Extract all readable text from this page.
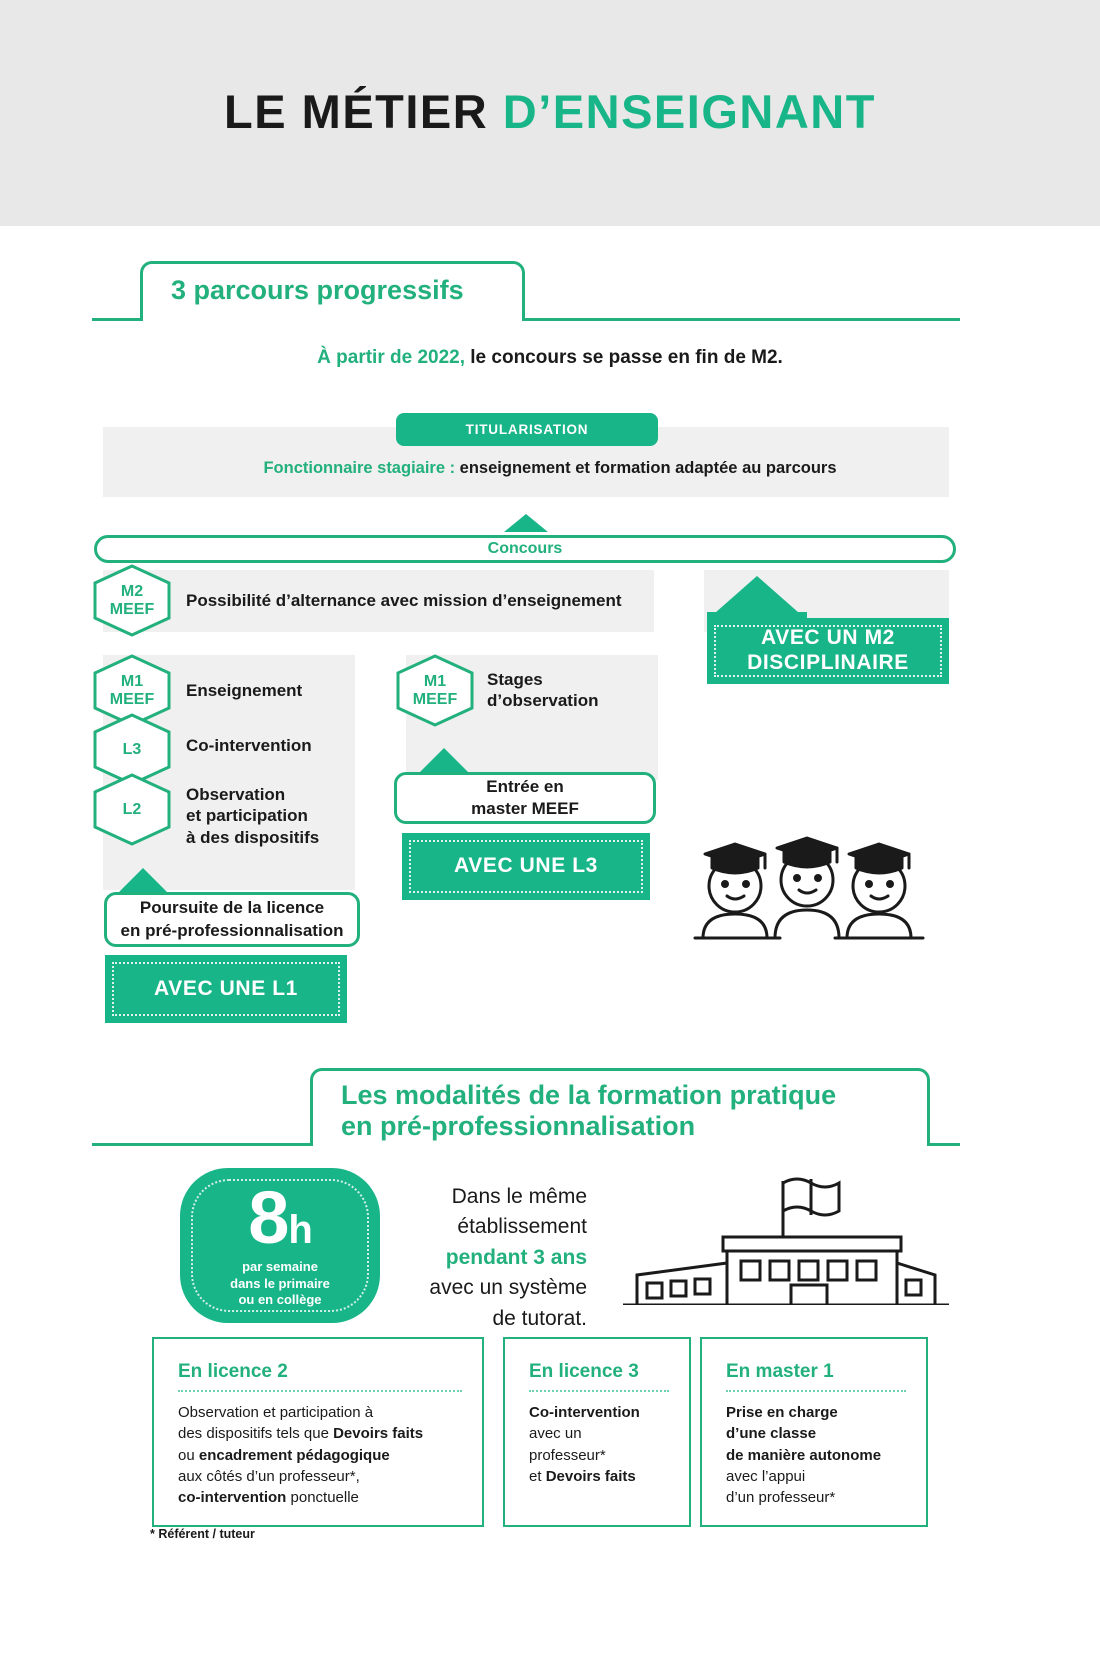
LE MÉTIER D’ENSEIGNANT
3 parcours progressifs
À partir de 2022, le concours se passe en fin de M2.
TITULARISATION
Fonctionnaire stagiaire : enseignement et formation adaptée au parcours
Concours
M2
MEEF Possibilité d’alternance avec mission d’enseignement
AVEC UN M2
DISCIPLINAIRE
M1
MEEF Enseignement
L3	Co-intervention
L2
Observation
et participation
à des dispositifs
M1
MEEF
Stages
d’observation
Entrée en
master MEEF
AVEC UNE L3
Poursuite de la licence
en pré-professionnalisation
AVEC UNE L1
Les modalités de la formation pratique
en pré-professionnalisation
8h
par semaine
dans le primaire
ou en collège
Dans le même
établissement
pendant 3 ans
avec un système
de tutorat.
En licence 2

Observation et participation à
des dispositifs tels que Devoirs faits
ou encadrement pédagogique
aux côtés d’un professeur*,
co-intervention ponctuelle

En licence 3

Co-intervention
avec un
professeur*
et Devoirs faits

En master 1

Prise en charge
d’une classe
de manière autonome
avec l’appui
d’un professeur*

* Référent / tuteur
